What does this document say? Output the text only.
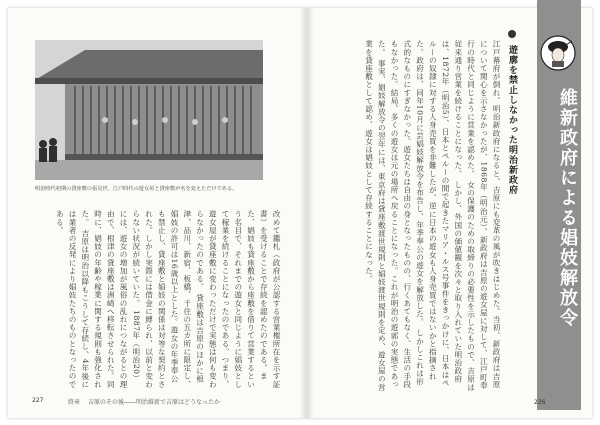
明治時代初期の貸座敷の張見世。江戸時代の遊女屋と貸座敷が名を変えただけである。
改めて鑑札（政府が公認する営業権所在を示す証書）を受けることで存続を認めたのである。また、娼妓も貸座敷から座敷を借りて営業するという名目で、それまでの遊女と同じように娼妓として稼業を続けることになったのである。つまり、遊女屋が貸座敷に変わっただけで実態は何も変わらなかったのである。 貸座敷は吉原のほかに根津、品川、新宿、板橋、千住の五カ所に限定し、娼妓の許可は16歳以上とした。遊女の年季奉公も禁止し、貸座敷と娼妓の関係は対等な契約とされた。しかし実際には借金に縛られ、以前と変わらない状況が続いていた。 1887年（明治20）には、遊女の増加が風俗の乱れにつながるとの理由で、根津の貸座敷は洲崎へ移転させられた。同時に、娼妓の年齢や稼業に関する規則も強化された。 吉原は明治以降もこうして存続し、4年後には業者の反発により娼妓たちのものとなったのである。	江戸幕府が倒れ、明治新政府になると、吉原にも変革の風が吹きはじめた。当初、新政府は吉原について関心を示さなかったが、1868年（明治元）、新政府は吉原の遊女屋に対して、江戸町奉行の時代と同じように営業を認めた。 女の保護のための取締りの必要性を示したもので、吉原は従来通り営業を続けることになった。 しかし、外国の価値観を次々と取り入れていた明治政府は、1872年（明治5）、日本とペルーの間で起きたマリア・ルス号事件をきっかけに、日本はペルーの奴隷に対する人身売買を非難したが、逆に日本の遊女も人身売買ではないかと指摘された。政府は、同年10月に芸娼妓解放令を布告し、年季奉公の遊女を解放した。 しかしこれは形式的なものにすぎなかった。遊女たちは自由の身となったものの、行くあてもなく、生活の手段もなかった。結局、多くの遊女は元の場所へ戻ることになった。これが明治の遊郭の実態であった。 事実、娼妓解放令の翌年には、東京府は貸座敷渡世規則と娼妓渡世規則を定め、遊女屋の営業を貸座敷として認め、遊女は娼妓として存続することになった。	遊廓を禁止しなかった明治新政府	維新政府による娼妓解放令
227	終章 吉原のその後――明治維新で吉原はどうなったか	226
